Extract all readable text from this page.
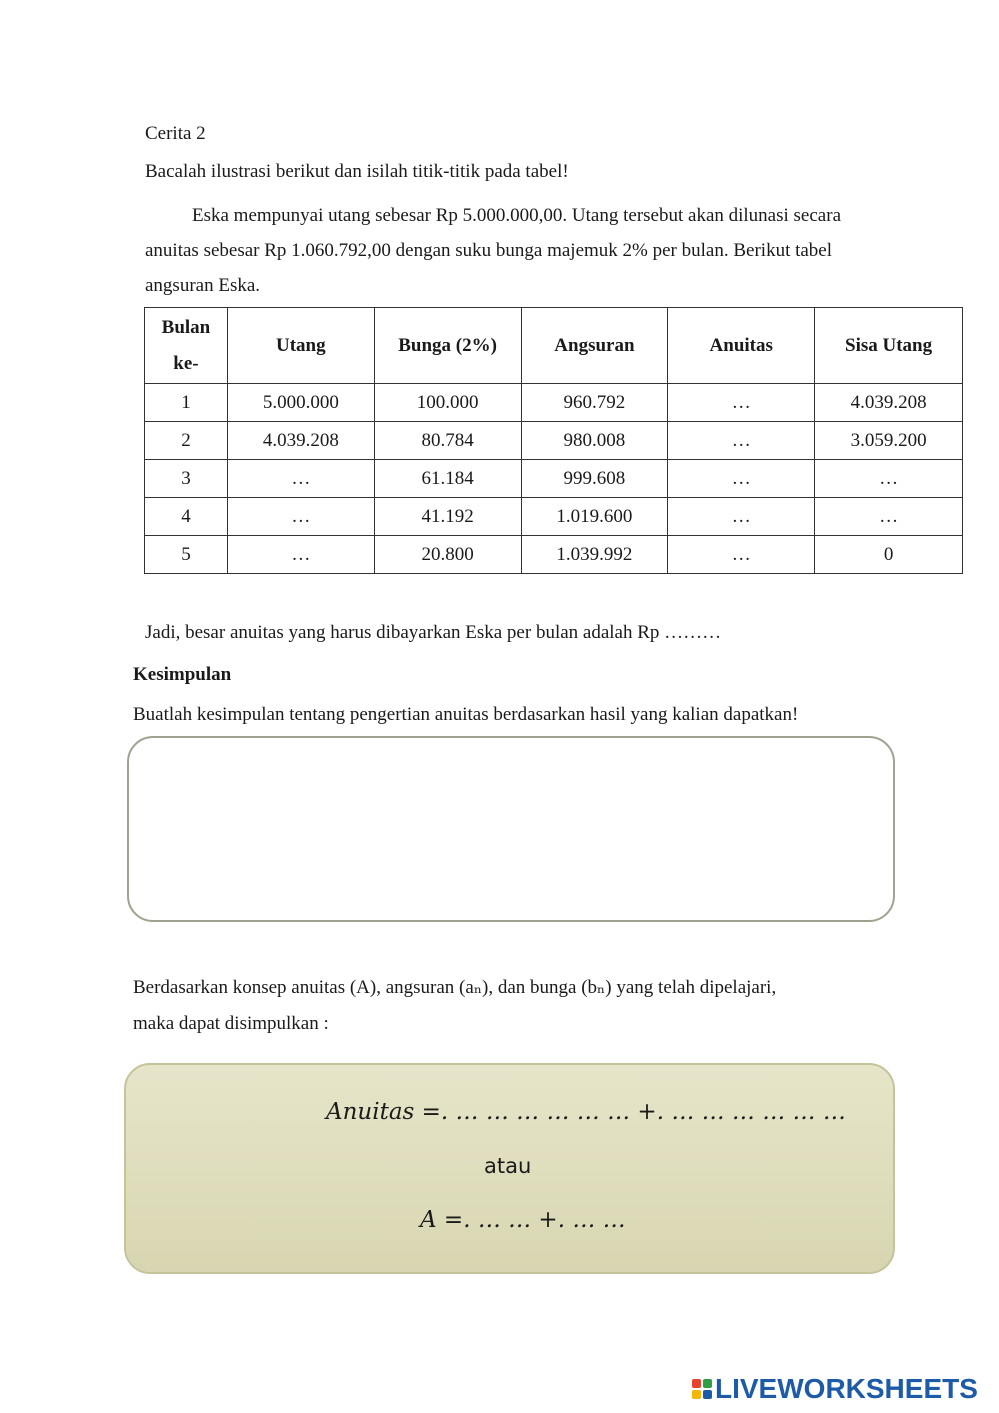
Cerita 2
Bacalah ilustrasi berikut dan isilah titik-titik pada tabel!
Eska mempunyai utang sebesar Rp 5.000.000,00. Utang tersebut akan dilunasi secara
anuitas sebesar Rp 1.060.792,00 dengan suku bunga majemuk 2% per bulan. Berikut tabel
angsuran Eska.
Bulan
ke-	Utang	Bunga (2%)	Angsuran	Anuitas	Sisa Utang
1	5.000.000	100.000	960.792	…	4.039.208
2	4.039.208	80.784	980.008	…	3.059.200
3	…	61.184	999.608	…	…
4	…	41.192	1.019.600	…	…
5	…	20.800	1.039.992	…	0
Jadi, besar anuitas yang harus dibayarkan Eska per bulan adalah Rp ………
Kesimpulan
Buatlah kesimpulan tentang pengertian anuitas berdasarkan hasil yang kalian dapatkan!
Berdasarkan konsep anuitas (A), angsuran (aₙ), dan bunga (bₙ) yang telah dipelajari,
maka dapat disimpulkan :
Anuitas =. … … … … … … +. … … … … … …
atau
A =. … … +. … …
LIVEWORKSHEETS
